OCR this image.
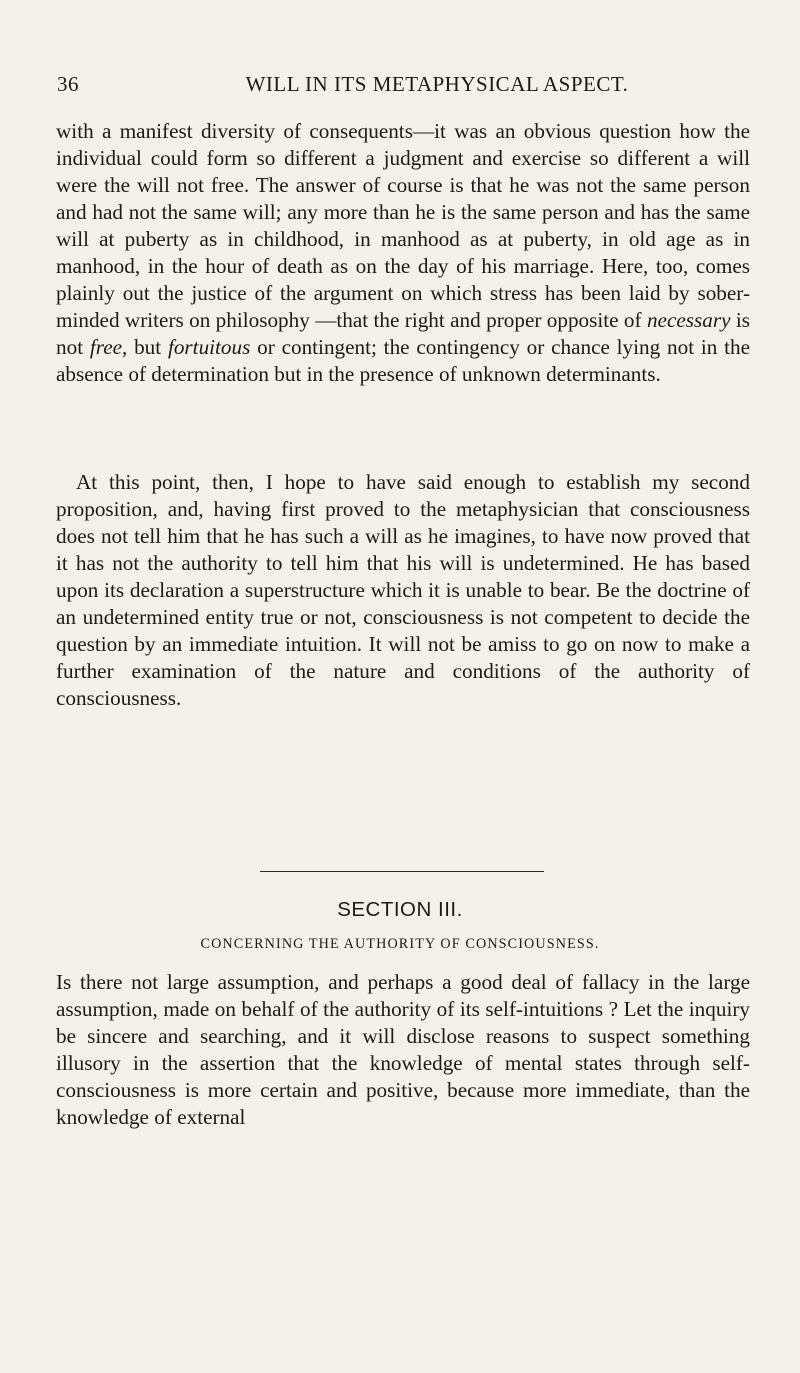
36	WILL IN ITS METAPHYSICAL ASPECT.

with a manifest diversity of consequents—it was an obvious question how the individual could form so different a judgment and exercise so different a will were the will not free. The answer of course is that he was not the same person and had not the same will; any more than he is the same person and has the same will at puberty as in childhood, in manhood as at puberty, in old age as in manhood, in the hour of death as on the day of his marriage. Here, too, comes plainly out the justice of the argument on which stress has been laid by sober-minded writers on philosophy —that the right and proper opposite of necessary is not free, but fortuitous or contingent; the contingency or chance lying not in the absence of determination but in the presence of unknown determinants.

At this point, then, I hope to have said enough to establish my second proposition, and, having first proved to the metaphysician that consciousness does not tell him that he has such a will as he imagines, to have now proved that it has not the authority to tell him that his will is undetermined. He has based upon its declaration a superstructure which it is unable to bear. Be the doctrine of an undetermined entity true or not, consciousness is not competent to decide the question by an immediate intuition. It will not be amiss to go on now to make a further examination of the nature and conditions of the authority of consciousness.

SECTION III.
CONCERNING THE AUTHORITY OF CONSCIOUSNESS.

Is there not large assumption, and perhaps a good deal of fallacy in the large assumption, made on behalf of the authority of its self-intuitions ? Let the inquiry be sincere and searching, and it will disclose reasons to suspect something illusory in the assertion that the knowledge of mental states through self-consciousness is more certain and positive, because more immediate, than the knowledge of external
